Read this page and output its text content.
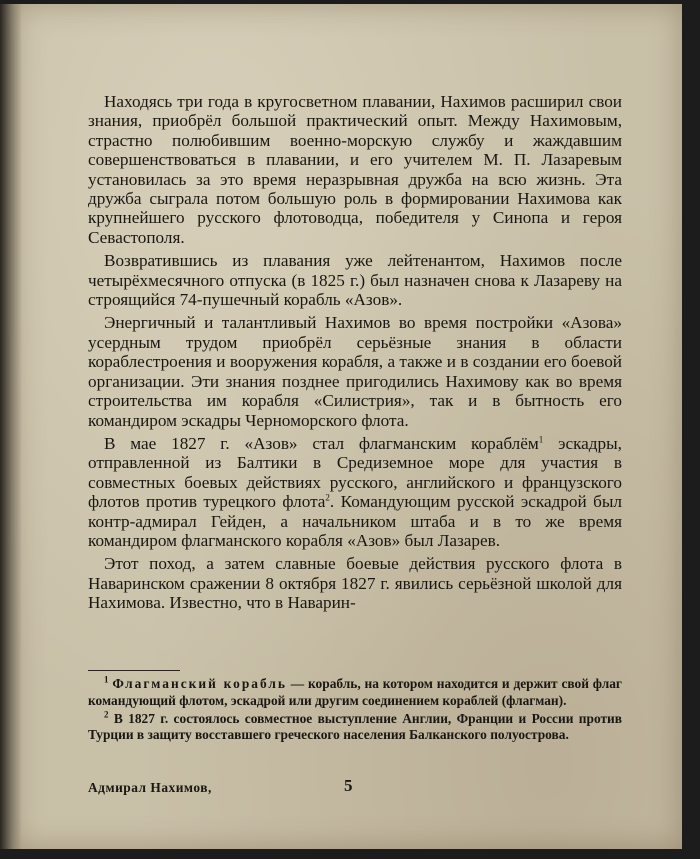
Находясь три года в кругосветном плавании, Нахимов расширил свои знания, приобрёл большой практический опыт. Между Нахимовым, страстно полюбившим военно-морскую службу и жаждавшим совершенствоваться в плавании, и его учителем М. П. Лазаревым установилась за это время неразрывная дружба на всю жизнь. Эта дружба сыграла потом большую роль в формировании Нахимова как крупнейшего русского флотоводца, победителя у Синопа и героя Севастополя.

Возвратившись из плавания уже лейтенантом, Нахимов после четырёхмесячного отпуска (в 1825 г.) был назначен снова к Лазареву на строящийся 74-пушечный корабль «Азов».

Энергичный и талантливый Нахимов во время постройки «Азова» усердным трудом приобрёл серьёзные знания в области кораблестроения и вооружения корабля, а также и в создании его боевой организации. Эти знания позднее пригодились Нахимову как во время строительства им корабля «Силистрия», так и в бытность его командиром эскадры Черноморского флота.

В мае 1827 г. «Азов» стал флагманским кораблём$^1$ эскадры, отправленной из Балтики в Средиземное море для участия в совместных боевых действиях русского, английского и французского флотов против турецкого флота$^2$. Командующим русской эскадрой был контр-адмирал Гейден, а начальником штаба и в то же время командиром флагманского корабля «Азов» был Лазарев.

Этот поход, а затем славные боевые действия русского флота в Наваринском сражении 8 октября 1827 г. явились серьёзной школой для Нахимова. Известно, что в Наварин-

$^1$ Флагманский корабль — корабль, на котором находится и держит свой флаг командующий флотом, эскадрой или другим соединением кораблей (флагман).

$^2$ В 1827 г. состоялось совместное выступление Англии, Франции и России против Турции в защиту восставшего греческого населения Балканского полуострова.

Адмирал Нахимов,	5
